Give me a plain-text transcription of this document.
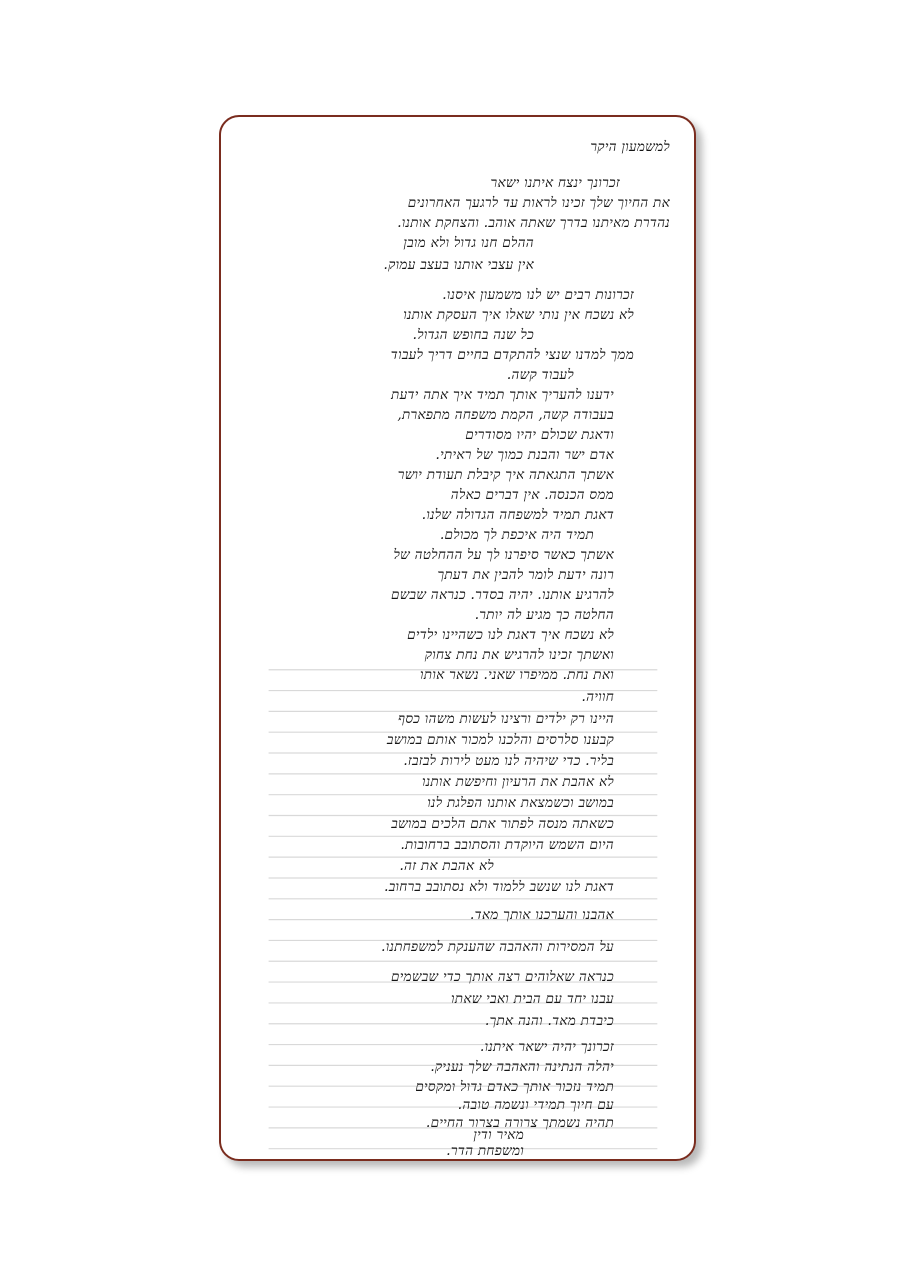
למשמעון היקר
זכרונך ינצח איתנו ישאר
את החיוך שלך זכינו לראות עד לרגעך האחרונים
נהדרת מאיתנו בדרך שאתה אוהב. והצחקת אותנו.
ההלם חנו גדול ולא מובן
אין עצבי אותנו בעצב עמוק.
זכרונות רבים יש לנו משמעון איסנו.
לא נשכח אין נותי שאלו איך העסקת אותנו
כל שנה בחופש הגדול.
ממך למדנו שנצי להתקדם בחיים דריך לעבוד
לעבוד קשה.
ידענו להעריך אותך תמיד איך אתה ידעת
בעבודה קשה, הקמת משפחה מתפארת,
ודאגת שכולם יהיו מסודרים
אדם ישר והבנת כמוך של ראיתי.
אשתך התגאתה איך קיבלת תעודת יושר
ממס הכנסה. אין דברים כאלה
דאגת תמיד למשפחה הגדולה שלנו.
תמיד היה איכפת לך מכולם.
אשתך כאשר סיפרנו לך על ההחלטה של
רונה ידעת לומר להבין את דעתך
להרגיע אותנו. יהיה בסדר. כנראה שבשם
החלטה כך מגיע לה יותר.
לא נשכח איך דאגת לנו כשהיינו ילדים
ואשתך זכינו להרגיש את נחת צחוק
ואת נחת. ממיפרו שאני. נשאר אותו
חוויה.
היינו רק ילדים ורצינו לעשות משהו כסף
קבענו סלרסים והלכנו למכור אותם במושב
בליר. כדי שיהיה לנו מעט לירות לבזבז.
לא אהבת את הרעיון וחיפשת אותנו
במושב וכשמצאת אותנו הפלגת לנו
כשאתה מנסה לפתור אתם הלכים במושב
היום השמש היוקדת והסתובב ברחובות.
לא אהבת את זה.
דאגת לנו שנשב ללמוד ולא נסתובב ברחוב.
אהבנו והערכנו אותך מאד.
על המסירות והאהבה שהענקת למשפחתנו.
כנראה שאלוהים רצה אותך כדי שבשמים
עבנו יחד עם הבית ואבי שאתו
כיבדת מאד. והנה אתך.
זכרונך יהיה ישאר איתנו.
יהלה הנתינה והאהבה שלך נעניק.
תמיד נזכור אותך כאדם גדול ומקסים
עם חיוך תמידי ונשמה טובה.
תהיה נשמתך צרורה בצרור החיים.
מאיר ודין
ומשפחת הדר.
